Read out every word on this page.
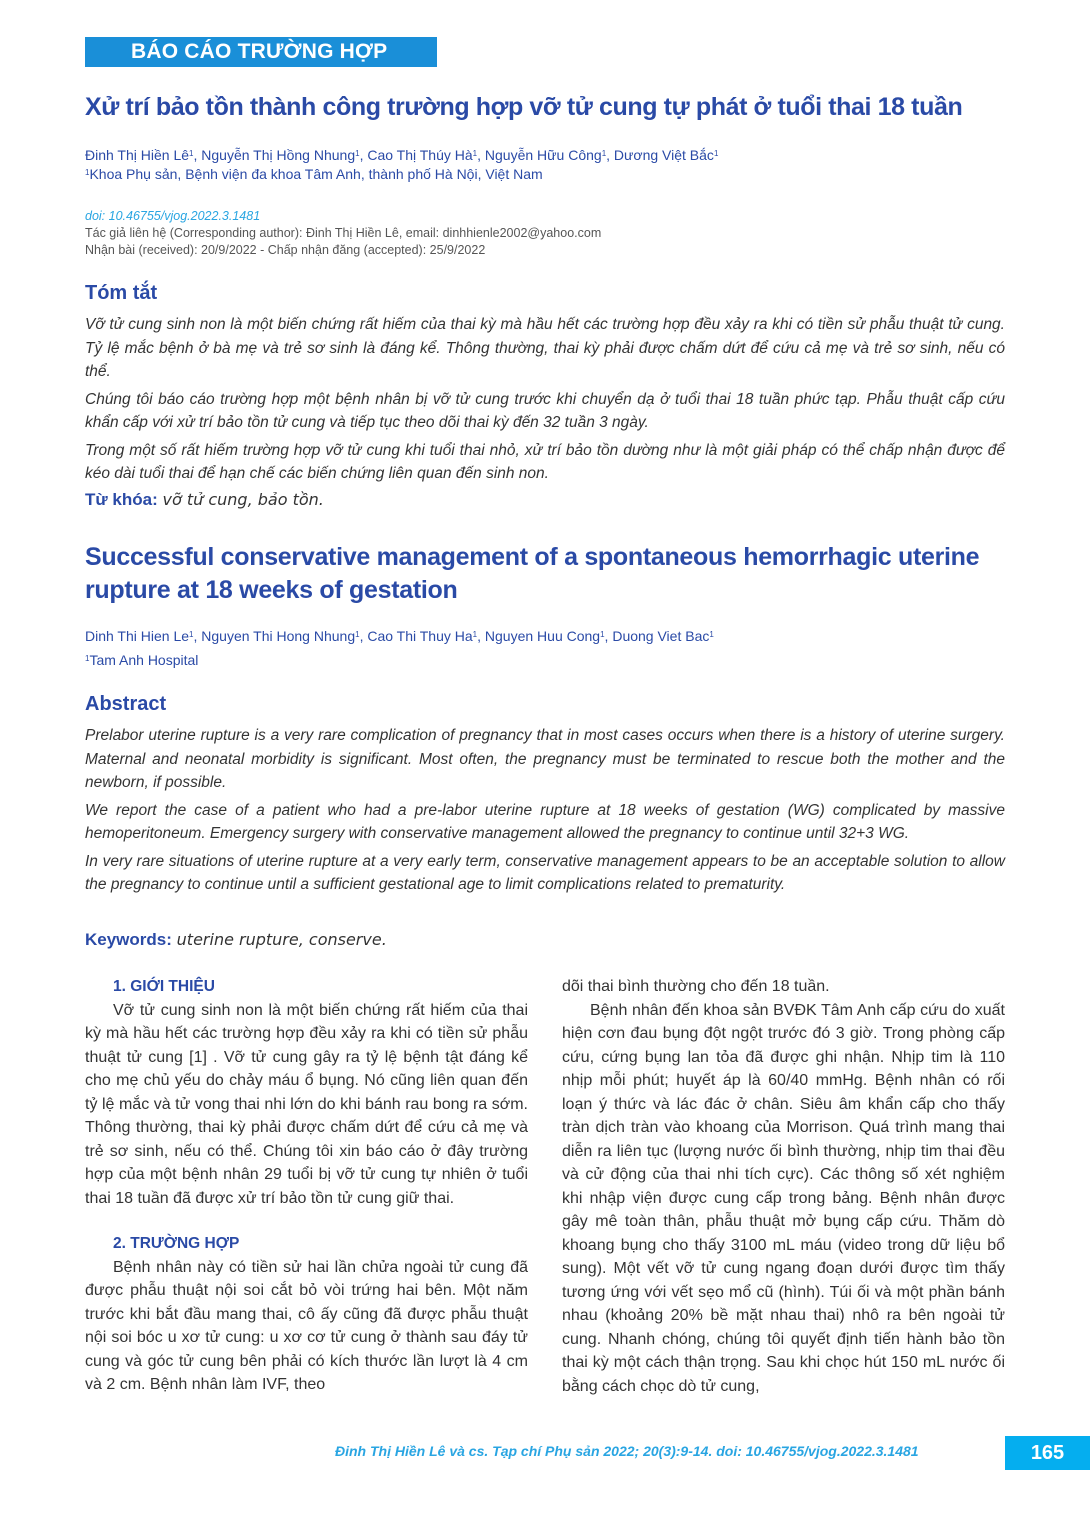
BÁO CÁO TRƯỜNG HỢP
Xử trí bảo tồn thành công trường hợp vỡ tử cung tự phát ở tuổi thai 18 tuần
Đinh Thị Hiền $Lê^1$, Nguyễn Thị Hồng Nhung$^1$, Cao Thị Thúy $Hà^1$, Nguyễn Hữu Công$^1$, Dương Việt Bắc$^1$
$^1$Khoa Phụ sản, Bệnh viện đa khoa Tâm Anh, thành phố Hà Nội, Việt Nam
doi: 10.46755/vjog.2022.3.1481
Tác giả liên hệ (Corresponding author): Đinh Thị Hiền Lê, email: dinhhienle2002@yahoo.com
Nhận bài (received): 20/9/2022 - Chấp nhận đăng (accepted): 25/9/2022
Tóm tắt

Vỡ tử cung sinh non là một biến chứng rất hiếm của thai kỳ mà hầu hết các trường hợp đều xảy ra khi có tiền sử phẫu thuật tử cung. Tỷ lệ mắc bệnh ở bà mẹ và trẻ sơ sinh là đáng kể. Thông thường, thai kỳ phải được chấm dứt để cứu cả mẹ và trẻ sơ sinh, nếu có thể.

Chúng tôi báo cáo trường hợp một bệnh nhân bị vỡ tử cung trước khi chuyển dạ ở tuổi thai 18 tuần phức tạp. Phẫu thuật cấp cứu khẩn cấp với xử trí bảo tồn tử cung và tiếp tục theo dõi thai kỳ đến 32 tuần 3 ngày.

Trong một số rất hiếm trường hợp vỡ tử cung khi tuổi thai nhỏ, xử trí bảo tồn dường như là một giải pháp có thể chấp nhận được để kéo dài tuổi thai để hạn chế các biến chứng liên quan đến sinh non.

Từ khóa: vỡ tử cung, bảo tồn.
Successful conservative management of a spontaneous hemorrhagic uterine rupture at 18 weeks of gestation
Dinh Thi Hien Le$^1$, Nguyen Thi Hong Nhung$^1$, Cao Thi Thuy Ha$^1$, Nguyen Huu Cong$^1$, Duong Viet Bac$^1$
$^1$Tam Anh Hospital
Abstract

Prelabor uterine rupture is a very rare complication of pregnancy that in most cases occurs when there is a history of uterine surgery. Maternal and neonatal morbidity is significant. Most often, the pregnancy must be terminated to rescue both the mother and the newborn, if possible.

We report the case of a patient who had a pre-labor uterine rupture at 18 weeks of gestation (WG) complicated by massive hemoperitoneum. Emergency surgery with conservative management allowed the pregnancy to continue until 32+3 WG.

In very rare situations of uterine rupture at a very early term, conservative management appears to be an acceptable solution to allow the pregnancy to continue until a sufficient gestational age to limit complications related to prematurity.

Keywords: uterine rupture, conserve.
1. GIỚI THIỆU

Vỡ tử cung sinh non là một biến chứng rất hiếm của thai kỳ mà hầu hết các trường hợp đều xảy ra khi có tiền sử phẫu thuật tử cung [1] . Vỡ tử cung gây ra tỷ lệ bệnh tật đáng kể cho mẹ chủ yếu do chảy máu ổ bụng. Nó cũng liên quan đến tỷ lệ mắc và tử vong thai nhi lớn do khi bánh rau bong ra sớm. Thông thường, thai kỳ phải được chấm dứt để cứu cả mẹ và trẻ sơ sinh, nếu có thể. Chúng tôi xin báo cáo ở đây trường hợp của một bệnh nhân 29 tuổi bị vỡ tử cung tự nhiên ở tuổi thai 18 tuần đã được xử trí bảo tồn tử cung giữ thai.

2. TRƯỜNG HỢP

Bệnh nhân này có tiền sử hai lần chửa ngoài tử cung đã được phẫu thuật nội soi cắt bỏ vòi trứng hai bên. Một năm trước khi bắt đầu mang thai, cô ấy cũng đã được phẫu thuật nội soi bóc u xơ tử cung: u xơ cơ tử cung ở thành sau đáy tử cung và góc tử cung bên phải có kích thước lần lượt là 4 cm và 2 cm. Bệnh nhân làm IVF, theo

dõi thai bình thường cho đến 18 tuần.

Bệnh nhân đến khoa sản BVĐK Tâm Anh cấp cứu do xuất hiện cơn đau bụng đột ngột trước đó 3 giờ. Trong phòng cấp cứu, cứng bụng lan tỏa đã được ghi nhận. Nhịp tim là 110 nhịp mỗi phút; huyết áp là 60/40 mmHg. Bệnh nhân có rối loạn ý thức và lác đác ở chân. Siêu âm khẩn cấp cho thấy tràn dịch tràn vào khoang của Morrison. Quá trình mang thai diễn ra liên tục (lượng nước ối bình thường, nhịp tim thai đều và cử động của thai nhi tích cực). Các thông số xét nghiệm khi nhập viện được cung cấp trong bảng. Bệnh nhân được gây mê toàn thân, phẫu thuật mở bụng cấp cứu. Thăm dò khoang bụng cho thấy 3100 mL máu (video trong dữ liệu bổ sung). Một vết vỡ tử cung ngang đoạn dưới được tìm thấy tương ứng với vết sẹo mổ cũ (hình). Túi ối và một phần bánh nhau (khoảng 20% bề mặt nhau thai) nhô ra bên ngoài tử cung. Nhanh chóng, chúng tôi quyết định tiến hành bảo tồn thai kỳ một cách thận trọng. Sau khi chọc hút 150 mL nước ối bằng cách chọc dò tử cung,

Đinh Thị Hiền Lê và cs. Tạp chí Phụ sản 2022; 20(3):9-14. doi: 10.46755/vjog.2022.3.1481	165
